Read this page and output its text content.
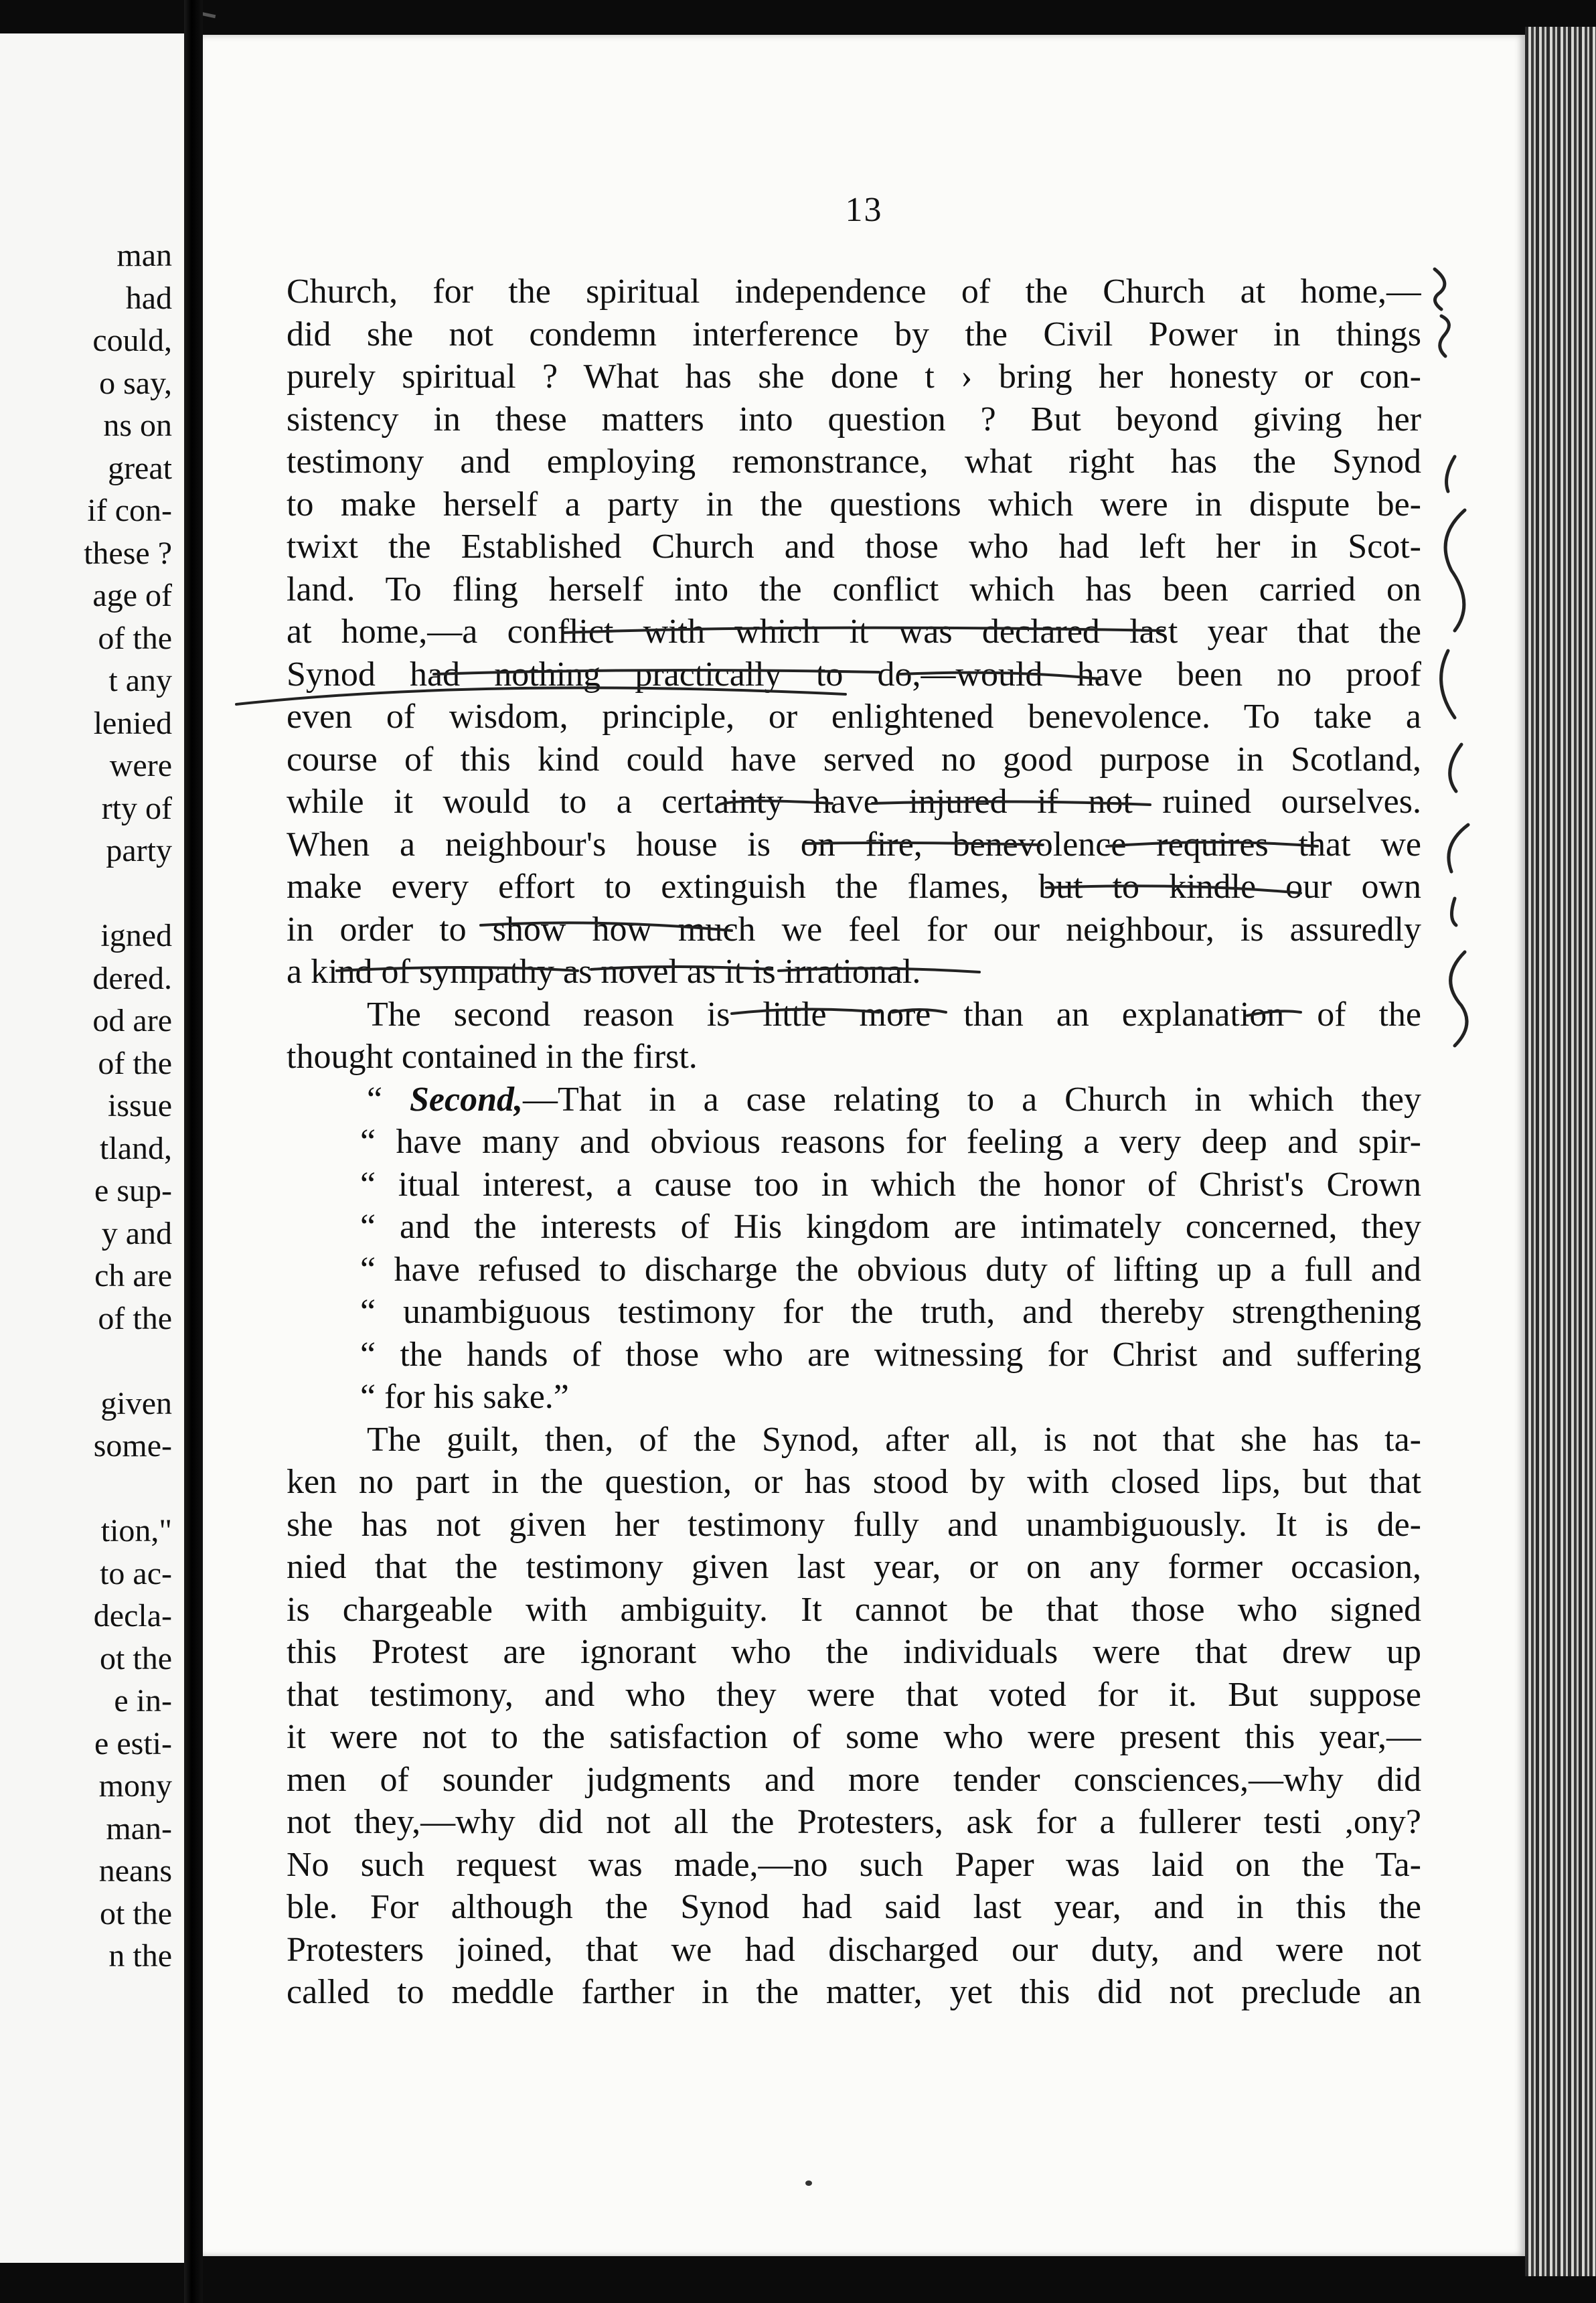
man
had
could,
o say,
ns on
great
if con-
these ?
age of
of the
t any
lenied
were
rty of
party
igned
dered.
od are
of the
issue
tland,
e sup-
y and
ch are
of the
given
some-
tion,"
to ac-
decla-
ot the
e in-
e esti-
mony
man-
neans
ot the
n the
13
Church, for the spiritual independence of the Church at home,—
did she not condemn interference by the Civil Power in things
purely spiritual ? What has she done t › bring her honesty or con-
sistency in these matters into question ? But beyond giving her
testimony and employing remonstrance, what right has the Synod
to make herself a party in the questions which were in dispute be-
twixt the Established Church and those who had left her in Scot-
land. To fling herself into the conflict which has been carried on
at home,—a conflict with which it was declared last year that the
Synod had nothing practically to do,—would have been no proof
even of wisdom, principle, or enlightened benevolence. To take a
course of this kind could have served no good purpose in Scotland,
while it would to a certainty have injured if not ruined ourselves.
When a neighbour's house is on fire, benevolence requires that we
make every effort to extinguish the flames, but to kindle our own
in order to show how much we feel for our neighbour, is assuredly
a kind of sympathy as novel as it is irrational.
The second reason is little more than an explanation of the
thought contained in the first.
“ Second,—That in a case relating to a Church in which they
“ have many and obvious reasons for feeling a very deep and spir-
“ itual interest, a cause too in which the honor of Christ's Crown
“ and the interests of His kingdom are intimately concerned, they
“ have refused to discharge the obvious duty of lifting up a full and
“ unambiguous testimony for the truth, and thereby strengthening
“ the hands of those who are witnessing for Christ and suffering
“ for his sake.”
The guilt, then, of the Synod, after all, is not that she has ta-
ken no part in the question, or has stood by with closed lips, but that
she has not given her testimony fully and unambiguously. It is de-
nied that the testimony given last year, or on any former occasion,
is chargeable with ambiguity. It cannot be that those who signed
this Protest are ignorant who the individuals were that drew up
that testimony, and who they were that voted for it. But suppose
it were not to the satisfaction of some who were present this year,—
men of sounder judgments and more tender consciences,—why did
not they,—why did not all the Protesters, ask for a fullerer testi ,ony?
No such request was made,—no such Paper was laid on the Ta-
ble. For although the Synod had said last year, and in this the
Protesters joined, that we had discharged our duty, and were not
called to meddle farther in the matter, yet this did not preclude an
